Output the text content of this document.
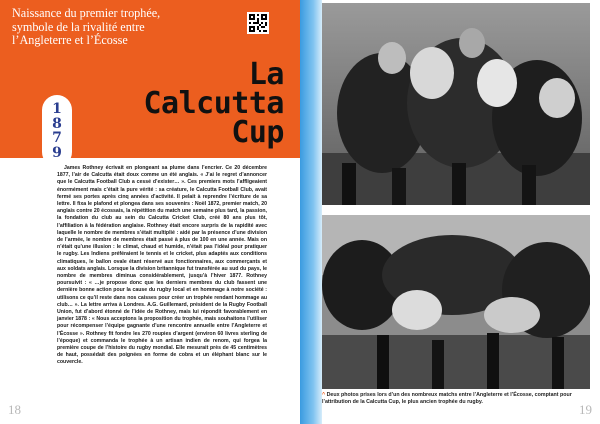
Naissance du premier trophée,
symbole de la rivalité entre
l’Angleterre et l’Écosse
La
Calcutta
Cup
1
8
7
9

James Rothney écrivait en plongeant sa plume dans l’encrier. Ce 20 décembre 1877, l’air de Calcutta était doux comme un été anglais. « J’ai le regret d’annoncer que le Calcutta Football Club a cessé d’exister… ». Ces premiers mots l’affligeaient énormément mais c’était la pure vérité : sa créature, le Calcutta Football Club, avait fermé ses portes après cinq années d’activité. Il pelait à reprendre l’écriture de sa lettre. Il fixa le plafond et plongea dans ses souvenirs : Noël 1872, premier match, 20 anglais contre 20 écossais, la répétition du match une semaine plus tard, la passion, la fondation du club au sein du Calcutta Cricket Club, créé 80 ans plus tôt, l’affiliation à la fédération anglaise. Rothney était encore surpris de la rapidité avec laquelle le nombre de membres s’était multiplié : aidé par la présence d’une division de l’armée, le nombre de membres était passé à plus de 100 en une année. Mais on n’était qu’une illusion : le climat, chaud et humide, n’était pas l’idéal pour pratiquer le rugby. Les Indiens préféraient le tennis et le cricket, plus adaptés aux conditions climatiques, le ballon ovale étant réservé aux fonctionnaires, aux commerçants et aux soldats anglais. Lorsque la division britannique fut transférée au sud du pays, le nombre de membres diminua considérablement, jusqu’à l’hiver 1877. Rothney poursuivit : « …je propose donc que les derniers membres du club fassent une dernière bonne action pour la cause du rugby local et en hommage à notre société : utilisons ce qu’il reste dans nos caisses pour créer un trophée rendant hommage au club… ». La lettre arriva à Londres. A.G. Guillemard, président de la Rugby Football Union, fut d’abord étonné de l’idée de Rothney, mais lui répondit favorablement en janvier 1878 : « Nous acceptons la proposition du trophée, mais souhaitons l’utiliser pour récompenser l’équipe gagnante d’une rencontre annuelle entre l’Angleterre et l’Écosse ». Rothney fit fondre les 270 roupies d’argent (environ 60 livres sterling de l’époque) et commanda le trophée à un artisan indien de renom, qui forgea la première coupe de l’histoire du rugby mondial. Elle mesurait près de 45 centimètres de haut, possédait des poignées en forme de cobra et un éléphant blanc sur le couvercle.

18
^ Deux photos prises lors d’un des nombreux matchs entre l’Angleterre et l’Écosse, comptant pour l’attribution de la Calcutta Cup, le plus ancien trophée du rugby.
19
